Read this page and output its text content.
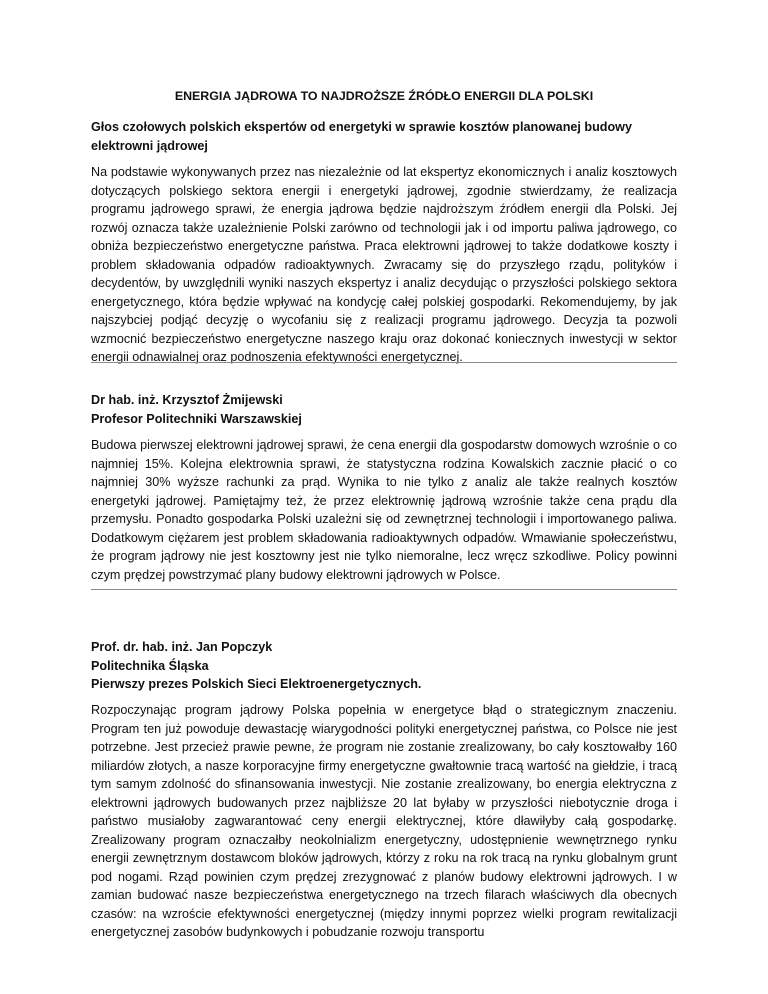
ENERGIA JĄDROWA TO NAJDROŻSZE ŹRÓDŁO ENERGII DLA POLSKI
Głos czołowych polskich ekspertów od energetyki w sprawie kosztów planowanej budowy elektrowni jądrowej

Na podstawie wykonywanych przez nas niezależnie od lat ekspertyz ekonomicznych i analiz kosztowych dotyczących polskiego sektora energii i energetyki jądrowej, zgodnie stwierdzamy, że realizacja programu jądrowego sprawi, że energia jądrowa będzie najdroższym źródłem energii dla Polski. Jej rozwój oznacza także uzależnienie Polski zarówno od technologii jak i od importu paliwa jądrowego, co obniża bezpieczeństwo energetyczne państwa. Praca elektrowni jądrowej to także dodatkowe koszty i problem składowania odpadów radioaktywnych. Zwracamy się do przyszłego rządu, polityków i decydentów, by uwzględnili wyniki naszych ekspertyz i analiz decydując o przyszłości polskiego sektora energetycznego, która będzie wpływać na kondycję całej polskiej gospodarki. Rekomendujemy, by jak najszybciej podjąć decyzję o wycofaniu się z realizacji programu jądrowego. Decyzja ta pozwoli wzmocnić bezpieczeństwo energetyczne naszego kraju oraz dokonać koniecznych inwestycji w sektor energii odnawialnej oraz podnoszenia efektywności energetycznej.

Dr hab. inż. Krzysztof Żmijewski
Profesor Politechniki Warszawskiej

Budowa pierwszej elektrowni jądrowej sprawi, że cena energii dla gospodarstw domowych wzrośnie o co najmniej 15%. Kolejna elektrownia sprawi, że statystyczna rodzina Kowalskich zacznie płacić o co najmniej 30% wyższe rachunki za prąd. Wynika to nie tylko z analiz ale także realnych kosztów energetyki jądrowej. Pamiętajmy też, że przez elektrownię jądrową wzrośnie także cena prądu dla przemysłu. Ponadto gospodarka Polski uzależni się od zewnętrznej technologii i importowanego paliwa. Dodatkowym ciężarem jest problem składowania radioaktywnych odpadów. Wmawianie społeczeństwu, że program jądrowy nie jest kosztowny jest nie tylko niemoralne, lecz wręcz szkodliwe. Policy powinni czym prędzej powstrzymać plany budowy elektrowni jądrowych w Polsce.

Prof. dr. hab. inż. Jan Popczyk
Politechnika Śląska
Pierwszy prezes Polskich Sieci Elektroenergetycznych.

Rozpoczynając program jądrowy Polska popełnia w energetyce błąd o strategicznym znaczeniu. Program ten już powoduje dewastację wiarygodności polityki energetycznej państwa, co Polsce nie jest potrzebne. Jest przecież prawie pewne, że program nie zostanie zrealizowany, bo cały kosztowałby 160 miliardów złotych, a nasze korporacyjne firmy energetyczne gwałtownie tracą wartość na giełdzie, i tracą tym samym zdolność do sfinansowania inwestycji. Nie zostanie zrealizowany, bo energia elektryczna z elektrowni jądrowych budowanych przez najbliższe 20 lat byłaby w przyszłości niebotycznie droga i państwo musiałoby zagwarantować ceny energii elektrycznej, które dławiłyby całą gospodarkę. Zrealizowany program oznaczałby neokolnializm energetyczny, udostępnienie wewnętrznego rynku energii zewnętrznym dostawcom bloków jądrowych, którzy z roku na rok tracą na rynku globalnym grunt pod nogami. Rząd powinien czym prędzej zrezygnować z planów budowy elektrowni jądrowych. I w zamian budować nasze bezpieczeństwa energetycznego na trzech filarach właściwych dla obecnych czasów: na wzroście efektywności energetycznej (między innymi poprzez wielki program rewitalizacji energetycznej zasobów budynkowych i pobudzanie rozwoju transportu
